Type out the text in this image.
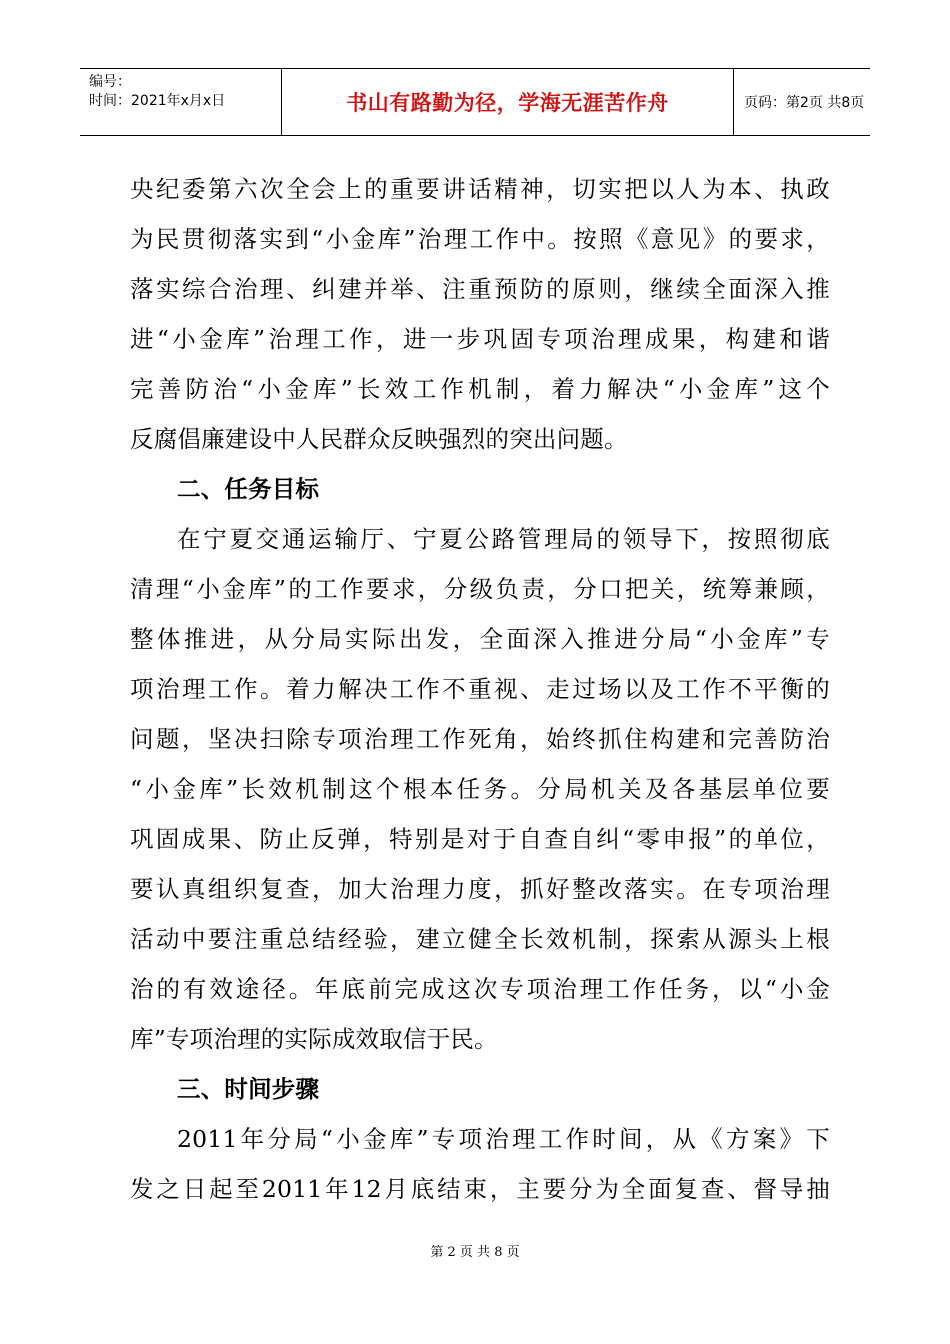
编号：
时间：2021年x月x日	书山有路勤为径，学海无涯苦作舟	页码：第2页 共8页
央纪委第六次全会上的重要讲话精神，切实把以人为本、执政
为民贯彻落实到“小金库”治理工作中。按照《意见》的要求，
落实综合治理、纠建并举、注重预防的原则，继续全面深入推
进“小金库”治理工作，进一步巩固专项治理成果，构建和谐
完善防治“小金库”长效工作机制，着力解决“小金库”这个
反腐倡廉建设中人民群众反映强烈的突出问题。
二、任务目标
在宁夏交通运输厅、宁夏公路管理局的领导下，按照彻底
清理“小金库”的工作要求，分级负责，分口把关，统筹兼顾，
整体推进，从分局实际出发，全面深入推进分局“小金库”专
项治理工作。着力解决工作不重视、走过场以及工作不平衡的
问题，坚决扫除专项治理工作死角，始终抓住构建和完善防治
“小金库”长效机制这个根本任务。分局机关及各基层单位要
巩固成果、防止反弹，特别是对于自查自纠“零申报”的单位，
要认真组织复查，加大治理力度，抓好整改落实。在专项治理
活动中要注重总结经验，建立健全长效机制，探索从源头上根
治的有效途径。年底前完成这次专项治理工作任务，以“小金
库”专项治理的实际成效取信于民。
三、时间步骤
2011年分局“小金库”专项治理工作时间，从《方案》下
发之日起至2011年12月底结束，主要分为全面复查、督导抽
第 2 页 共 8 页
